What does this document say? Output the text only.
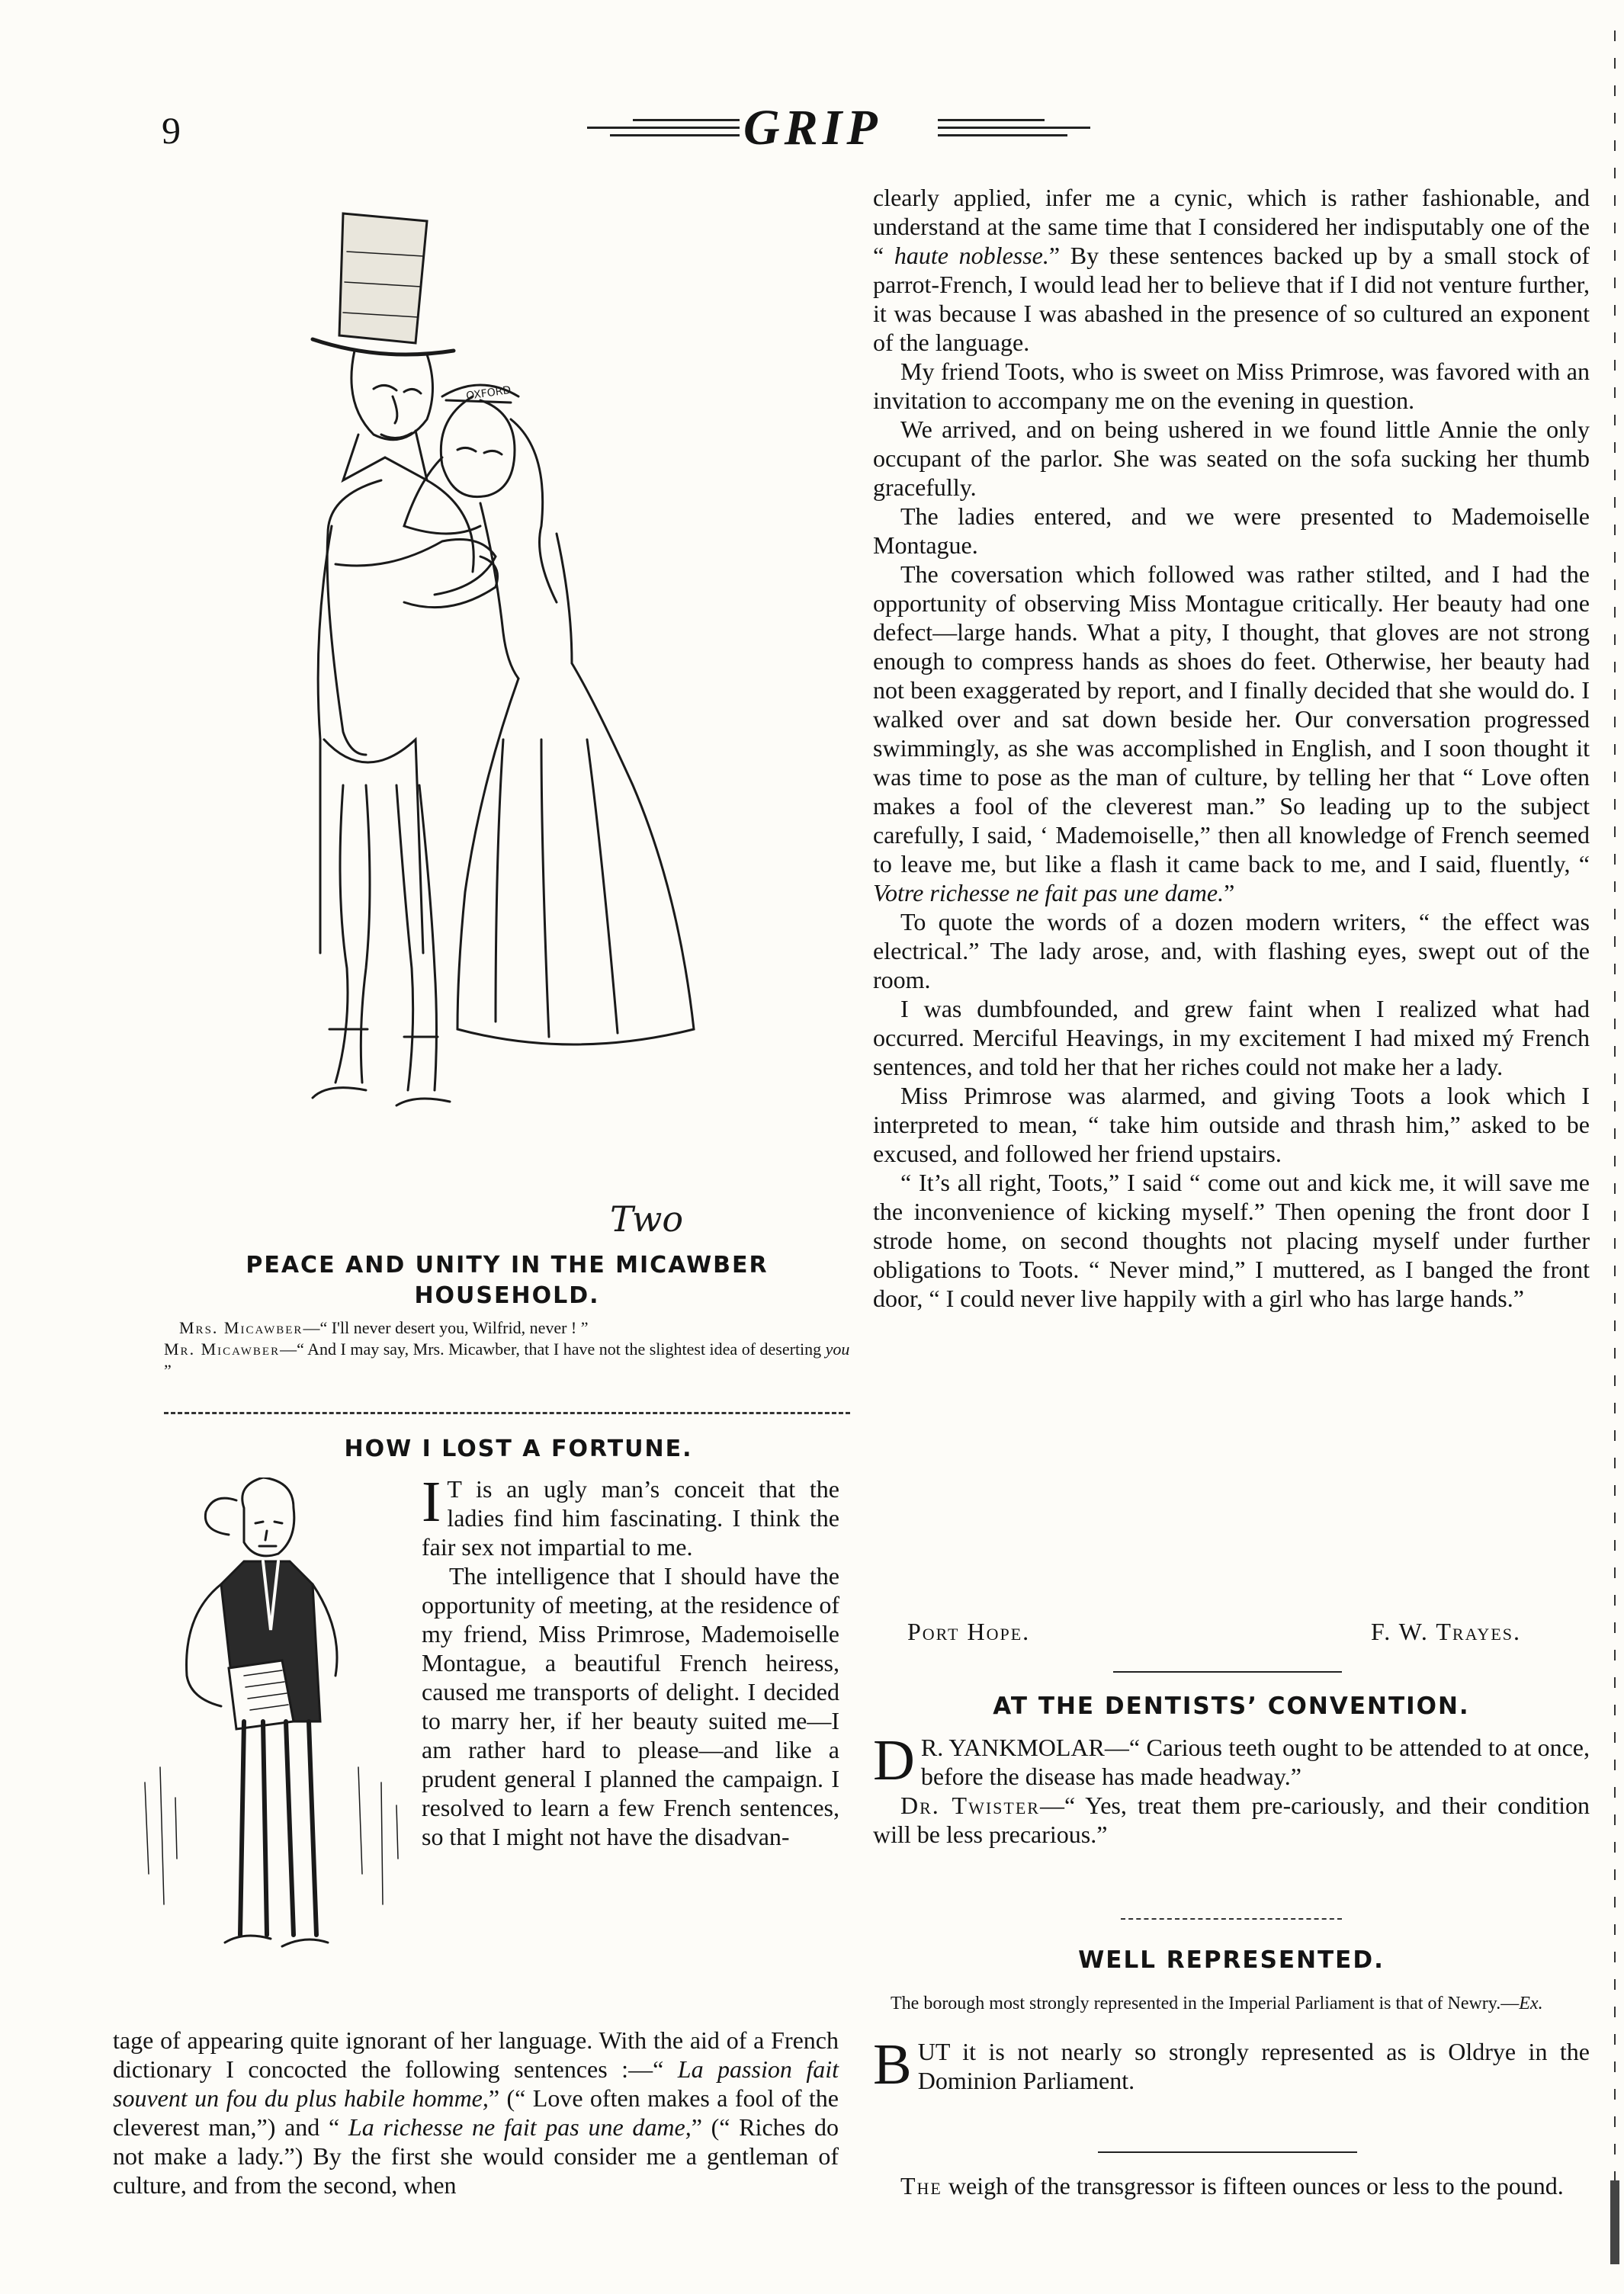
9	GRIP
Two
OXFORD
PEACE AND UNITY IN THE MICAWBER
HOUSEHOLD.
Mrs. Micawber—“ I'll never desert you, Wilfrid, never ! ”
Mr. Micawber—“ And I may say, Mrs. Micawber, that I have not the slightest idea of deserting you ”
HOW I LOST A FORTUNE.

I T is an ugly man’s conceit that the ladies find him fascinating. I think the fair sex not impartial to me.

The intelligence that I should have the opportunity of meeting, at the residence of my friend, Miss Primrose, Mademoiselle Montague, a beautiful French heiress, caused me transports of delight. I decided to marry her, if her beauty suited me—I am rather hard to please—and like a prudent general I planned the campaign. I resolved to learn a few French sentences, so that I might not have the disadvan-

tage of appearing quite ignorant of her language. With the aid of a French dictionary I concocted the following sentences :—“ La passion fait souvent un fou du plus habile homme,” (“ Love often makes a fool of the cleverest man,”) and “ La richesse ne fait pas une dame,” (“ Riches do not make a lady.”) By the first she would consider me a gentleman of culture, and from the second, when

clearly applied, infer me a cynic, which is rather fashionable, and understand at the same time that I considered her indisputably one of the “ haute noblesse.” By these sentences backed up by a small stock of parrot-French, I would lead her to believe that if I did not venture further, it was because I was abashed in the presence of so cultured an exponent of the language.

My friend Toots, who is sweet on Miss Primrose, was favored with an invitation to accompany me on the evening in question.

We arrived, and on being ushered in we found little Annie the only occupant of the parlor. She was seated on the sofa sucking her thumb gracefully.

The ladies entered, and we were presented to Mademoiselle Montague.

The coversation which followed was rather stilted, and I had the opportunity of observing Miss Montague critically. Her beauty had one defect—large hands. What a pity, I thought, that gloves are not strong enough to compress hands as shoes do feet. Otherwise, her beauty had not been exaggerated by report, and I finally decided that she would do. I walked over and sat down beside her. Our conversation progressed swimmingly, as she was accomplished in English, and I soon thought it was time to pose as the man of culture, by telling her that “ Love often makes a fool of the cleverest man.” So leading up to the subject carefully, I said, ‘ Mademoiselle,” then all knowledge of French seemed to leave me, but like a flash it came back to me, and I said, fluently, “ Votre richesse ne fait pas une dame.”

To quote the words of a dozen modern writers, “ the effect was electrical.” The lady arose, and, with flashing eyes, swept out of the room.

I was dumbfounded, and grew faint when I realized what had occurred. Merciful Heavings, in my excitement I had mixed mý French sentences, and told her that her riches could not make her a lady.

Miss Primrose was alarmed, and giving Toots a look which I interpreted to mean, “ take him outside and thrash him,” asked to be excused, and followed her friend upstairs.

“ It’s all right, Toots,” I said “ come out and kick me, it will save me the inconvenience of kicking myself.” Then opening the front door I strode home, on second thoughts not placing myself under further obligations to Toots. “ Never mind,” I muttered, as I banged the front door, “ I could never live happily with a girl who has large hands.”

Port Hope.	F. W. Trayes.
AT THE DENTISTS’ CONVENTION.

D R. YANKMOLAR—“ Carious teeth ought to be attended to at once, before the disease has made headway.”

Dr. Twister—“ Yes, treat them pre-cariously, and their condition will be less precarious.”

WELL REPRESENTED.
The borough most strongly represented in the Imperial Parliament is that of Newry.—Ex.

BUT it is not nearly so strongly represented as is Oldrye in the Dominion Parliament.

The weigh of the transgressor is fifteen ounces or less to the pound.
